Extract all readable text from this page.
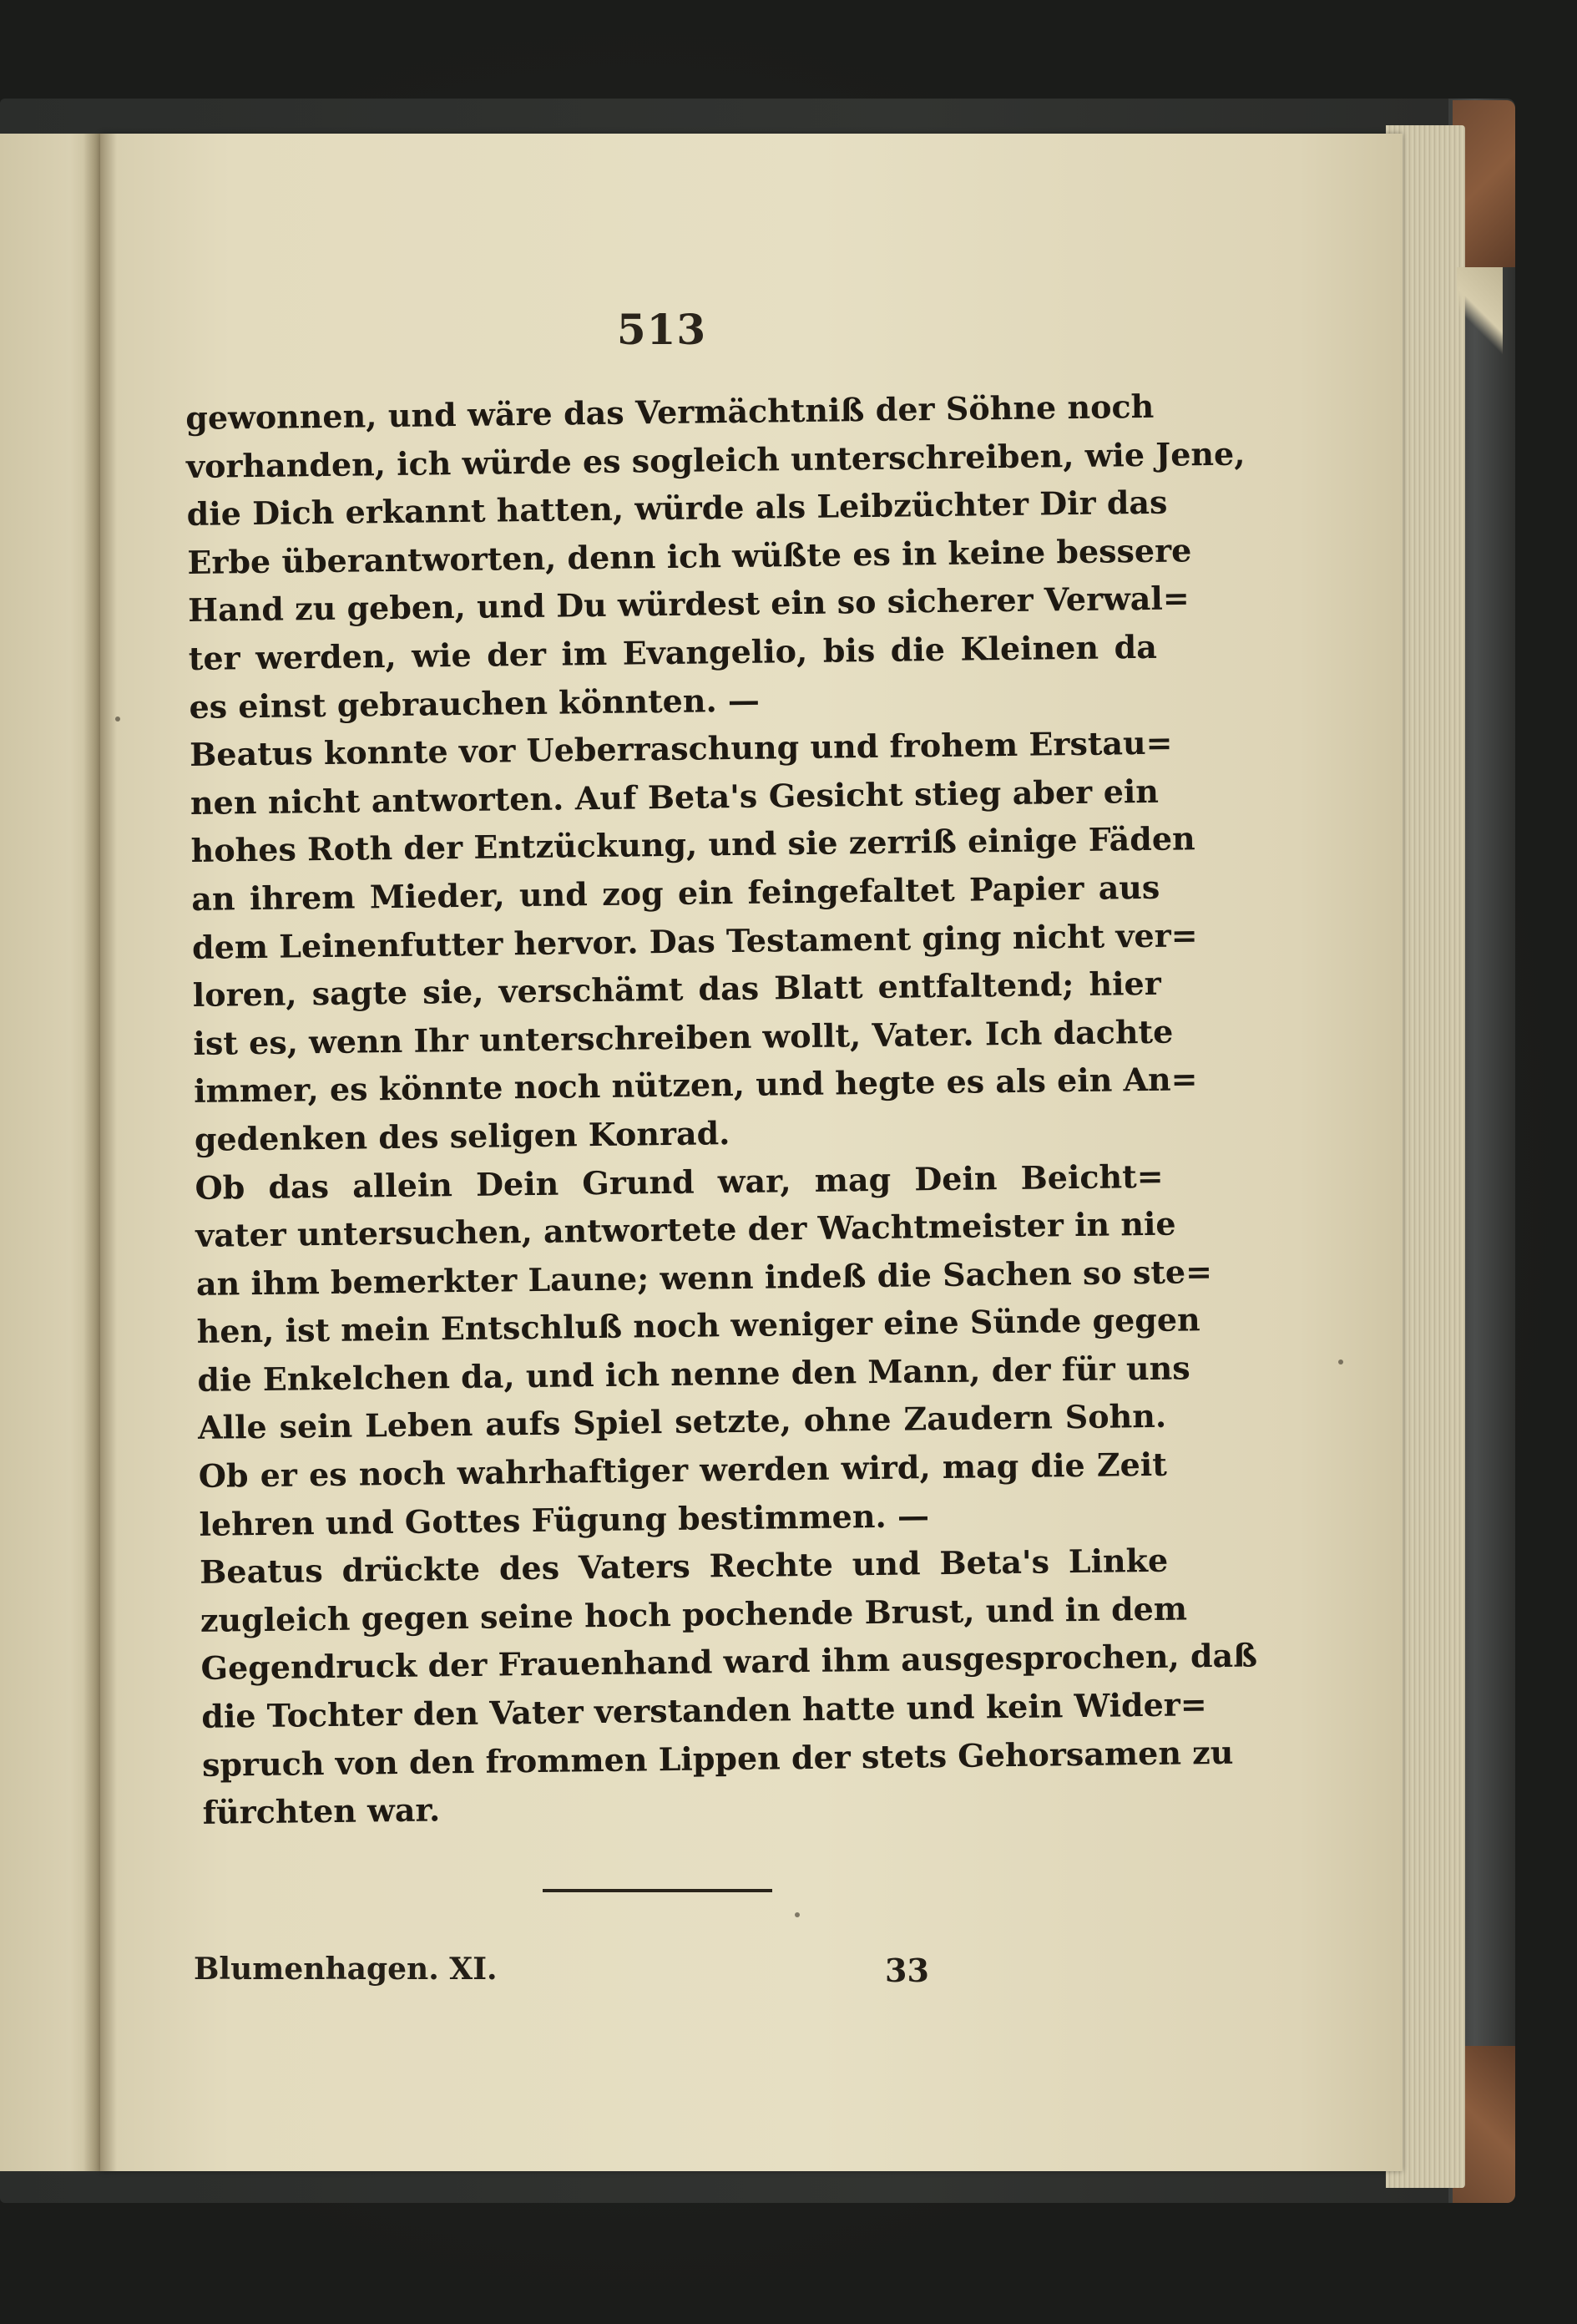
513
gewonnen, und wäre das Vermächtniß der Söhne noch
vorhanden, ich würde es sogleich unterschreiben, wie Jene,
die Dich erkannt hatten, würde als Leibzüchter Dir das
Erbe überantworten, denn ich wüßte es in keine bessere
Hand zu geben, und Du würdest ein so sicherer Verwal=
ter werden, wie der im Evangelio, bis die Kleinen da
es einst gebrauchen könnten. —
Beatus konnte vor Ueberraschung und frohem Erstau=
nen nicht antworten. Auf Beta's Gesicht stieg aber ein
hohes Roth der Entzückung, und sie zerriß einige Fäden
an ihrem Mieder, und zog ein feingefaltet Papier aus
dem Leinenfutter hervor. Das Testament ging nicht ver=
loren, sagte sie, verschämt das Blatt entfaltend; hier
ist es, wenn Ihr unterschreiben wollt, Vater. Ich dachte
immer, es könnte noch nützen, und hegte es als ein An=
gedenken des seligen Konrad.
Ob das allein Dein Grund war, mag Dein Beicht=
vater untersuchen, antwortete der Wachtmeister in nie
an ihm bemerkter Laune; wenn indeß die Sachen so ste=
hen, ist mein Entschluß noch weniger eine Sünde gegen
die Enkelchen da, und ich nenne den Mann, der für uns
Alle sein Leben aufs Spiel setzte, ohne Zaudern Sohn.
Ob er es noch wahrhaftiger werden wird, mag die Zeit
lehren und Gottes Fügung bestimmen. —
Beatus drückte des Vaters Rechte und Beta's Linke
zugleich gegen seine hoch pochende Brust, und in dem
Gegendruck der Frauenhand ward ihm ausgesprochen, daß
die Tochter den Vater verstanden hatte und kein Wider=
spruch von den frommen Lippen der stets Gehorsamen zu
fürchten war.
Blumenhagen. XI.	33
